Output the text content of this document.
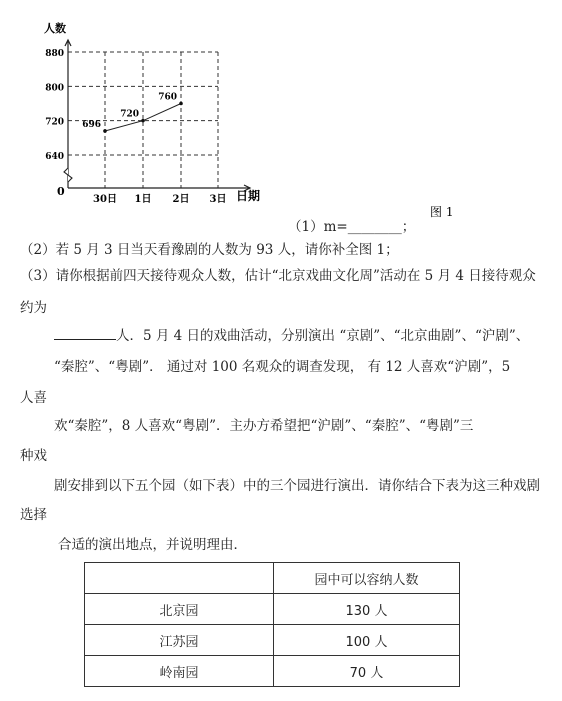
640
720
800
880
30日 1日 2日 3日
696
720
760
人数
日期
0
图 1
（1）m=________；
（2）若 5 月 3 日当天看豫剧的人数为 93 人，请你补全图 1；
（3）请你根据前四天接待观众人数，估计“北京戏曲文化周”活动在 5 月 4 日接待观众
约为
人．5 月 4 日的戏曲活动，分别演出 “京剧”、“北京曲剧”、“沪剧”、
“秦腔”、“粤剧”． 通过对 100 名观众的调查发现， 有 12 人喜欢“沪剧”，5
人喜
欢“秦腔”，8 人喜欢“粤剧”．主办方希望把“沪剧”、“秦腔”、“粤剧”三
种戏
剧安排到以下五个园（如下表）中的三个园进行演出．请你结合下表为这三种戏剧
选择
合适的演出地点，并说明理由．
	园中可以容纳人数
北京园	130 人
江苏园	100 人
岭南园	70 人
